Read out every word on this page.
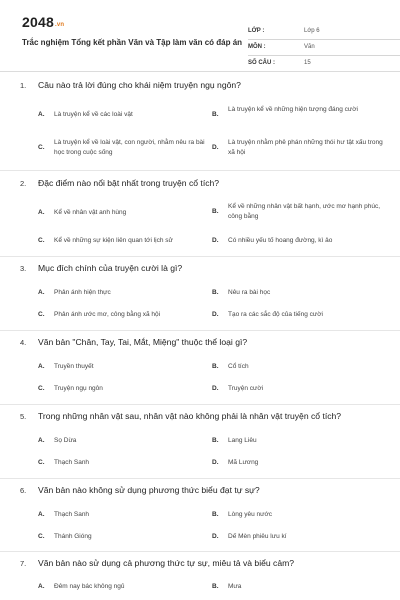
2048.vn
Trắc nghiệm Tổng kết phần Văn và Tập làm văn có đáp án
LỚP :	Lớp 6
MÔN :	Văn
SỐ CÂU :	15
1. Câu nào trả lời đúng cho khái niệm truyện ngụ ngôn?
A. Là truyện kể về các loài vật	B.
Là truyện kể về những hiện tượng đáng cười
C.
Là truyện kể về loài vật, con người, nhằm nêu ra bài học trong cuộc sống
D.
Là truyện nhằm phê phán những thói hư tật xấu trong xã hội
2. Đặc điểm nào nổi bật nhất trong truyện cổ tích?
A. Kể về nhân vật anh hùng	B.
Kể về những nhân vật bất hạnh, ước mơ hạnh phúc, công bằng
C. Kể về những sự kiện liên quan tới lịch sử	D. Có nhiều yếu tố hoang đường, kì ảo
3. Mục đích chính của truyện cười là gì?
A. Phản ánh hiện thực	B. Nêu ra bài học
C. Phản ánh ước mơ, công bằng xã hội	D. Tạo ra các sắc độ của tiếng cười
4. Văn bản "Chân, Tay, Tai, Mắt, Miệng" thuộc thể loại gì?
A. Truyền thuyết	B. Cổ tích
C. Truyện ngụ ngôn	D. Truyện cười
5. Trong những nhân vật sau, nhân vật nào không phải là nhân vật truyện cổ tích?
A. Sọ Dừa	B. Lang Liêu
C. Thạch Sanh	D. Mã Lương
6. Văn bản nào không sử dụng phương thức biểu đạt tự sự?
A. Thạch Sanh	B. Lòng yêu nước
C. Thánh Gióng	D. Dế Mèn phiêu lưu kí
7. Văn bản nào sử dụng cả phương thức tự sự, miêu tả và biểu cảm?
A. Đêm nay bác không ngủ	B. Mưa
